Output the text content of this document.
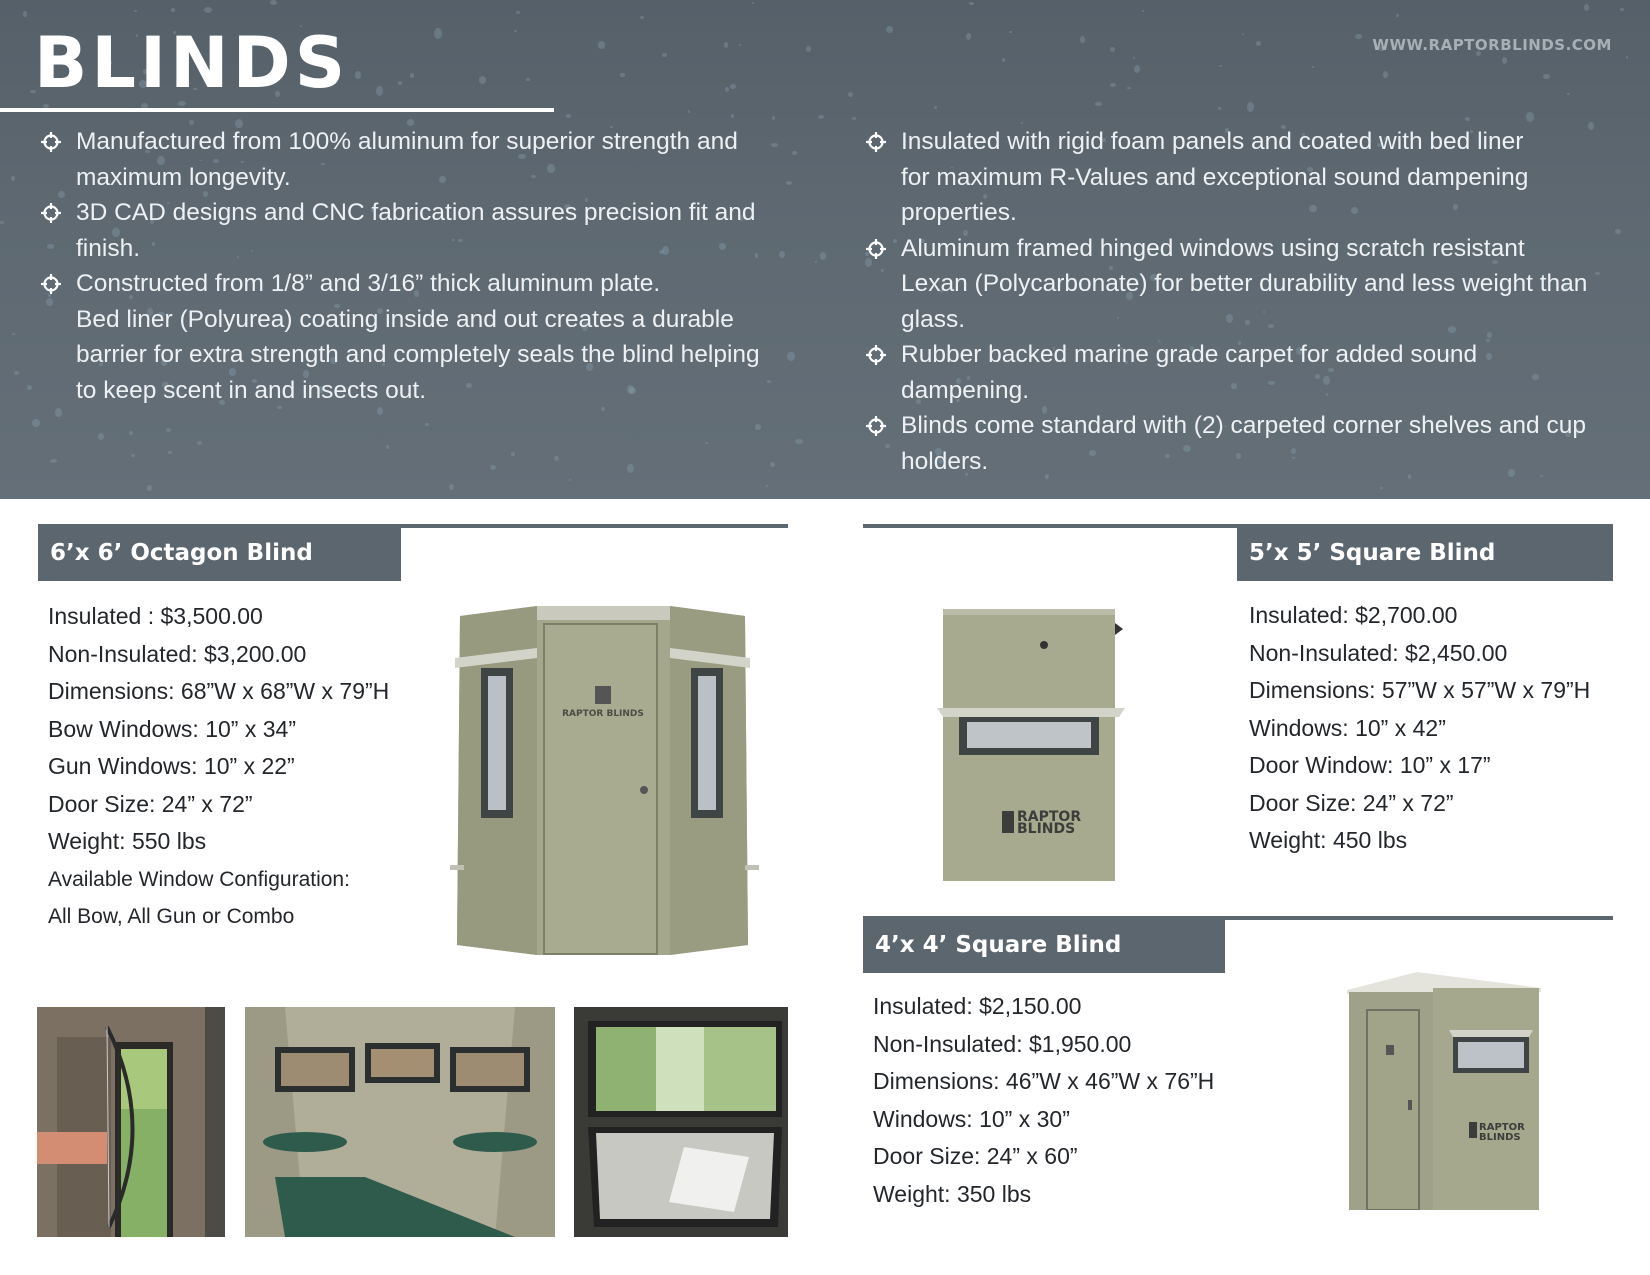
BLINDS	WWW.RAPTORBLINDS.COM
Manufactured from 100% aluminum for superior strength and
maximum longevity.
3D CAD designs and CNC fabrication assures precision fit and
finish.
Constructed from 1/8” and 3/16” thick aluminum plate.
Bed liner (Polyurea) coating inside and out creates a durable
barrier for extra strength and completely seals the blind helping
to keep scent in and insects out.
Insulated with rigid foam panels and coated with bed liner
for maximum R-Values and exceptional sound dampening
properties.
Aluminum framed hinged windows using scratch resistant
Lexan (Polycarbonate) for better durability and less weight than
glass.
Rubber backed marine grade carpet for added sound
dampening.
Blinds come standard with (2) carpeted corner shelves and cup
holders.
6’x 6’ Octagon Blind
Insulated : $3,500.00
Non-Insulated: $3,200.00
Dimensions: 68”W x 68”W x 79”H
Bow Windows: 10” x 34”
Gun Windows: 10” x 22”
Door Size: 24” x 72”
Weight: 550 lbs
Available Window Configuration:
All Bow, All Gun or Combo
RAPTOR BLINDS
5’x 5’ Square Blind
Insulated: $2,700.00
Non-Insulated: $2,450.00
Dimensions: 57”W x 57”W x 79”H
Windows: 10” x 42”
Door Window: 10” x 17”
Door Size: 24” x 72”
Weight: 450 lbs
RAPTOR
BLINDS
4’x 4’ Square Blind
Insulated: $2,150.00
Non-Insulated: $1,950.00
Dimensions: 46”W x 46”W x 76”H
Windows: 10” x 30”
Door Size: 24” x 60”
Weight: 350 lbs
RAPTOR
BLINDS
